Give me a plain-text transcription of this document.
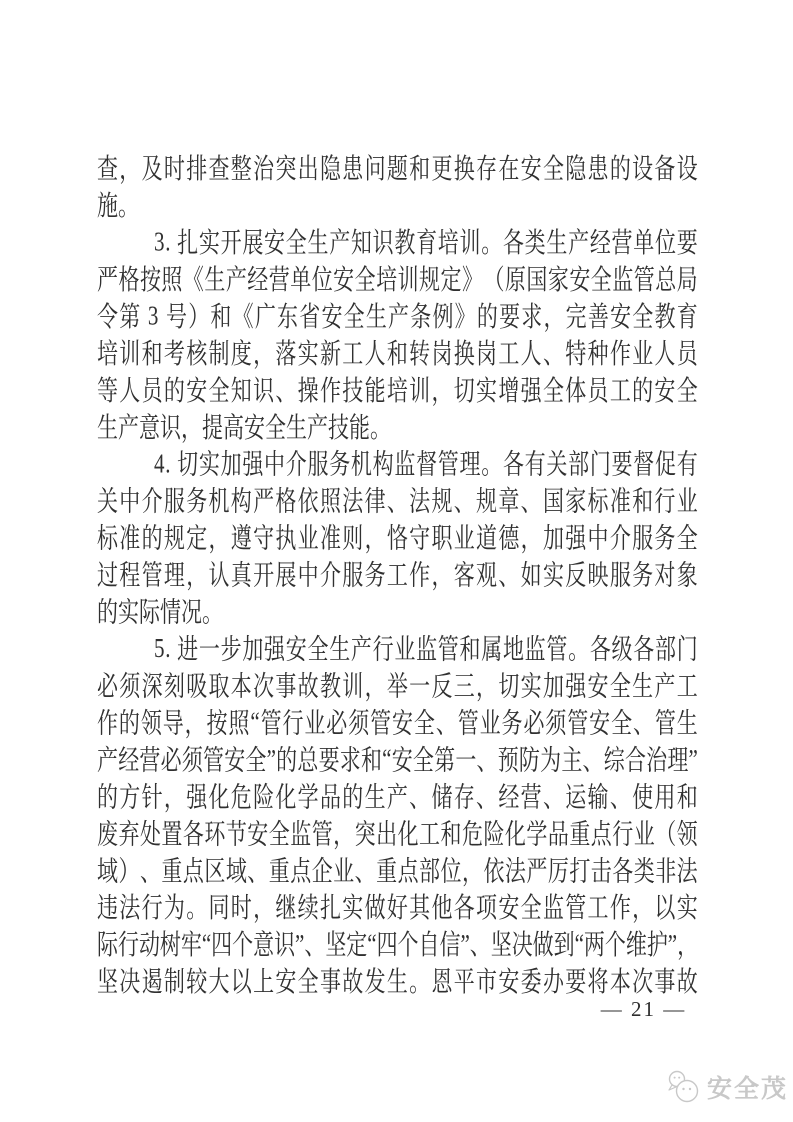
查 ， 及 时 排 查 整 治 突 出 隐 患 问 题 和 更 换 存 在 安 全 隐 患 的 设 备 设
施 。
3 .
扎 实 开 展 安 全 生 产 知 识 教 育 培 训 。 各 类 生 产 经 营 单 位 要
严 格 按 照 《 生 产 经 营 单 位 安 全 培 训 规 定 》 （ 原 国 家 安 全 监 管 总 局
令 第
3
号 ） 和 《 广 东 省 安 全 生 产 条 例 》 的 要 求 ， 完 善 安 全 教 育
培 训 和 考 核 制 度 ， 落 实 新 工 人 和 转 岗 换 岗 工 人 、 特 种 作 业 人 员
等 人 员 的 安 全 知 识 、 操 作 技 能 培 训 ， 切 实 增 强 全 体 员 工 的 安 全
生 产 意 识 ， 提 高 安 全 生 产 技 能 。
4 .
切 实 加 强 中 介 服 务 机 构 监 督 管 理 。 各 有 关 部 门 要 督 促 有
关 中 介 服 务 机 构 严 格 依 照 法 律 、 法 规 、 规 章 、 国 家 标 准 和 行 业
标 准 的 规 定 ， 遵 守 执 业 准 则 ， 恪 守 职 业 道 德 ， 加 强 中 介 服 务 全
过 程 管 理 ， 认 真 开 展 中 介 服 务 工 作 ， 客 观 、 如 实 反 映 服 务 对 象
的 实 际 情 况 。
5 .
进 一 步 加 强 安 全 生 产 行 业 监 管 和 属 地 监 管 。 各 级 各 部 门
必 须 深 刻 吸 取 本 次 事 故 教 训 ， 举 一 反 三 ， 切 实 加 强 安 全 生 产 工
作 的 领 导 ， 按 照 “ 管 行 业 必 须 管 安 全 、 管 业 务 必 须 管 安 全 、 管 生
产 经 营 必 须 管 安 全 ” 的 总 要 求 和 “ 安 全 第 一 、 预 防 为 主 、 综 合 治 理 ”
的 方 针 ， 强 化 危 险 化 学 品 的 生 产 、 储 存 、 经 营 、 运 输 、 使 用 和
废 弃 处 置 各 环 节 安 全 监 管 ， 突 出 化 工 和 危 险 化 学 品 重 点 行 业 （ 领
域 ） 、 重 点 区 域 、 重 点 企 业 、 重 点 部 位 ， 依 法 严 厉 打 击 各 类 非 法
违 法 行 为 。 同 时 ， 继 续 扎 实 做 好 其 他 各 项 安 全 监 管 工 作 ， 以 实
际 行 动 树 牢 “ 四 个 意 识 ” 、 坚 定 “ 四 个 自 信 ” 、 坚 决 做 到 “ 两 个 维 护 ” ，
坚 决 遏 制 较 大 以 上 安 全 事 故 发 生 。 恩 平 市 安 委 办 要 将 本 次 事 故
— 21 —
安全茂
